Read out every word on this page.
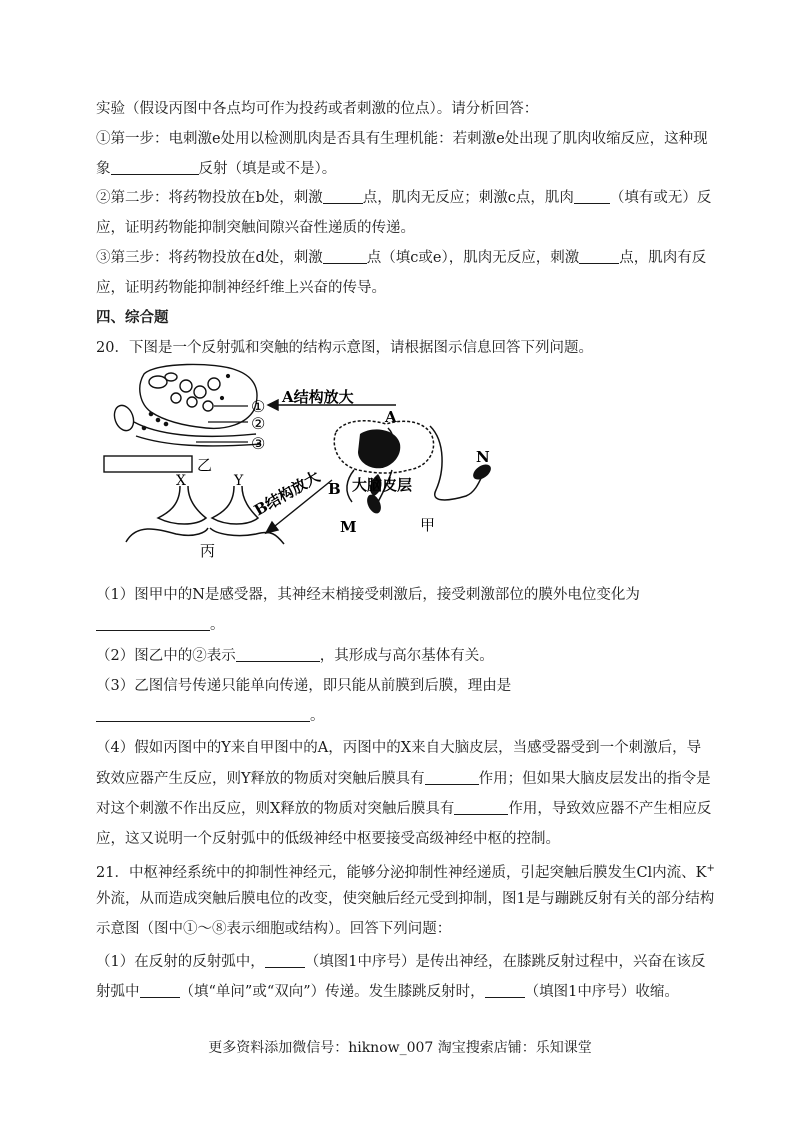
实验（假设丙图中各点均可作为投药或者刺激的位点）。请分析回答：
①第一步：电刺激e处用以检测肌肉是否具有生理机能：若刺激e处出现了肌肉收缩反应，这种现
象	反射（填是或不是）。
②第二步：将药物投放在b处，刺激	点，肌肉无反应；刺激c点，肌肉 （填有或无）反
应，证明药物能抑制突触间隙兴奋性递质的传递。
③第三步：将药物投放在d处，刺激	点（填c或e），肌肉无反应，刺激	点，肌肉有反
应，证明药物能抑制神经纤维上兴奋的传导。
四、综合题
20．下图是一个反射弧和突触的结构示意图，请根据图示信息回答下列问题。
①
②
③
A结构放大
A
乙
X	Y
丙
B结构放大 B
N
M
大脑皮层
甲
（1）图甲中的N是感受器，其神经末梢接受刺激后，接受刺激部位的膜外电位变化为
。
（2）图乙中的②表示	，其形成与高尔基体有关。
（3）乙图信号传递只能单向传递，即只能从前膜到后膜，理由是
。
（4）假如丙图中的Y来自甲图中的A，丙图中的X来自大脑皮层，当感受器受到一个刺激后，导
致效应器产生反应，则Y释放的物质对突触后膜具有	作用；但如果大脑皮层发出的指令是
对这个刺激不作出反应，则X释放的物质对突触后膜具有	作用，导致效应器不产生相应反
应，这又说明一个反射弧中的低级神经中枢要接受高级神经中枢的控制。
21．中枢神经系统中的抑制性神经元，能够分泌抑制性神经递质，引起突触后膜发生Cl内流、K+
外流，从而造成突触后膜电位的改变，使突触后经元受到抑制，图1是与蹦跳反射有关的部分结构
示意图（图中①～⑧表示细胞或结构）。回答下列问题：
（1）在反射的反射弧中，	（填图1中序号）是传出神经，在膝跳反射过程中，兴奋在该反
射弧中	（填“单问”或“双向”）传递。发生膝跳反射时，	（填图1中序号）收缩。
更多资料添加微信号：hiknow_007 淘宝搜索店铺：乐知课堂
